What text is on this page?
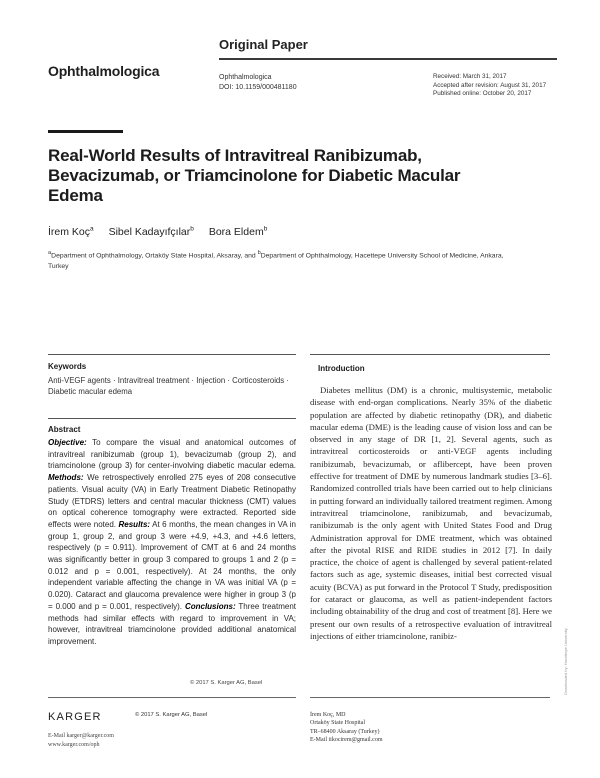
Original Paper
Ophthalmologica	Ophthalmologica
DOI: 10.1159/000481180
Received: March 31, 2017
Accepted after revision: August 31, 2017
Published online: October 20, 2017
Real-World Results of Intravitreal Ranibizumab, Bevacizumab, or Triamcinolone for Diabetic Macular Edema
İrem Koç$^a$ Sibel Kadayıfçılar$^b$ Bora Eldem$^b$
$^a$Department of Ophthalmology, Ortaköy State Hospital, Aksaray, and $^b$Department of Ophthalmology, Hacettepe University School of Medicine, Ankara, Turkey
Keywords
Anti-VEGF agents · Intravitreal treatment · Injection · Corticosteroids · Diabetic macular edema
Abstract
Objective: To compare the visual and anatomical outcomes of intravitreal ranibizumab (group 1), bevacizumab (group 2), and triamcinolone (group 3) for center-involving diabetic macular edema. Methods: We retrospectively enrolled 275 eyes of 208 consecutive patients. Visual acuity (VA) in Early Treatment Diabetic Retinopathy Study (ETDRS) letters and central macular thickness (CMT) values on optical coherence tomography were extracted. Reported side effects were noted. Results: At 6 months, the mean changes in VA in group 1, group 2, and group 3 were +4.9, +4.3, and +4.6 letters, respectively (p = 0.911). Improvement of CMT at 6 and 24 months was significantly better in group 3 compared to groups 1 and 2 (p = 0.012 and p = 0.001, respectively). At 24 months, the only independent variable affecting the change in VA was initial VA (p = 0.020). Cataract and glaucoma prevalence were higher in group 3 (p = 0.000 and p = 0.001, respectively). Conclusions: Three treatment methods had similar effects with regard to improvement in VA; however, intravitreal triamcinolone provided additional anatomical improvement.
© 2017 S. Karger AG, Basel
Introduction
Diabetes mellitus (DM) is a chronic, multisystemic, metabolic disease with end-organ complications. Nearly 35% of the diabetic population are affected by diabetic retinopathy (DR), and diabetic macular edema (DME) is the leading cause of vision loss and can be observed in any stage of DR [1, 2]. Several agents, such as intravitreal corticosteroids or anti-VEGF agents including ranibizumab, bevacizumab, or aflibercept, have been proven effective for treatment of DME by numerous landmark studies [3–6]. Randomized controlled trials have been carried out to help clinicians in putting forward an individually tailored treatment regimen. Among intravitreal triamcinolone, ranibizumab, and bevacizumab, ranibizumab is the only agent with United States Food and Drug Administration approval for DME treatment, which was obtained after the pivotal RISE and RIDE studies in 2012 [7]. In daily practice, the choice of agent is challenged by several patient-related factors such as age, systemic diseases, initial best corrected visual acuity (BCVA) as put forward in the Protocol T Study, predisposition for cataract or glaucoma, as well as patient-independent factors including obtainability of the drug and cost of treatment [8]. Here we present our own results of a retrospective evaluation of intravitreal injections of either triamcinolone, ranibiz-
KARGER	© 2017 S. Karger AG, Basel
E-Mail karger@karger.com
www.karger.com/oph
İrem Koç, MD
Ortaköy State Hospital
TR–68400 Aksaray (Turkey)
E-Mail iikocirem@gmail.com
Downloaded by: Hacettepe University
